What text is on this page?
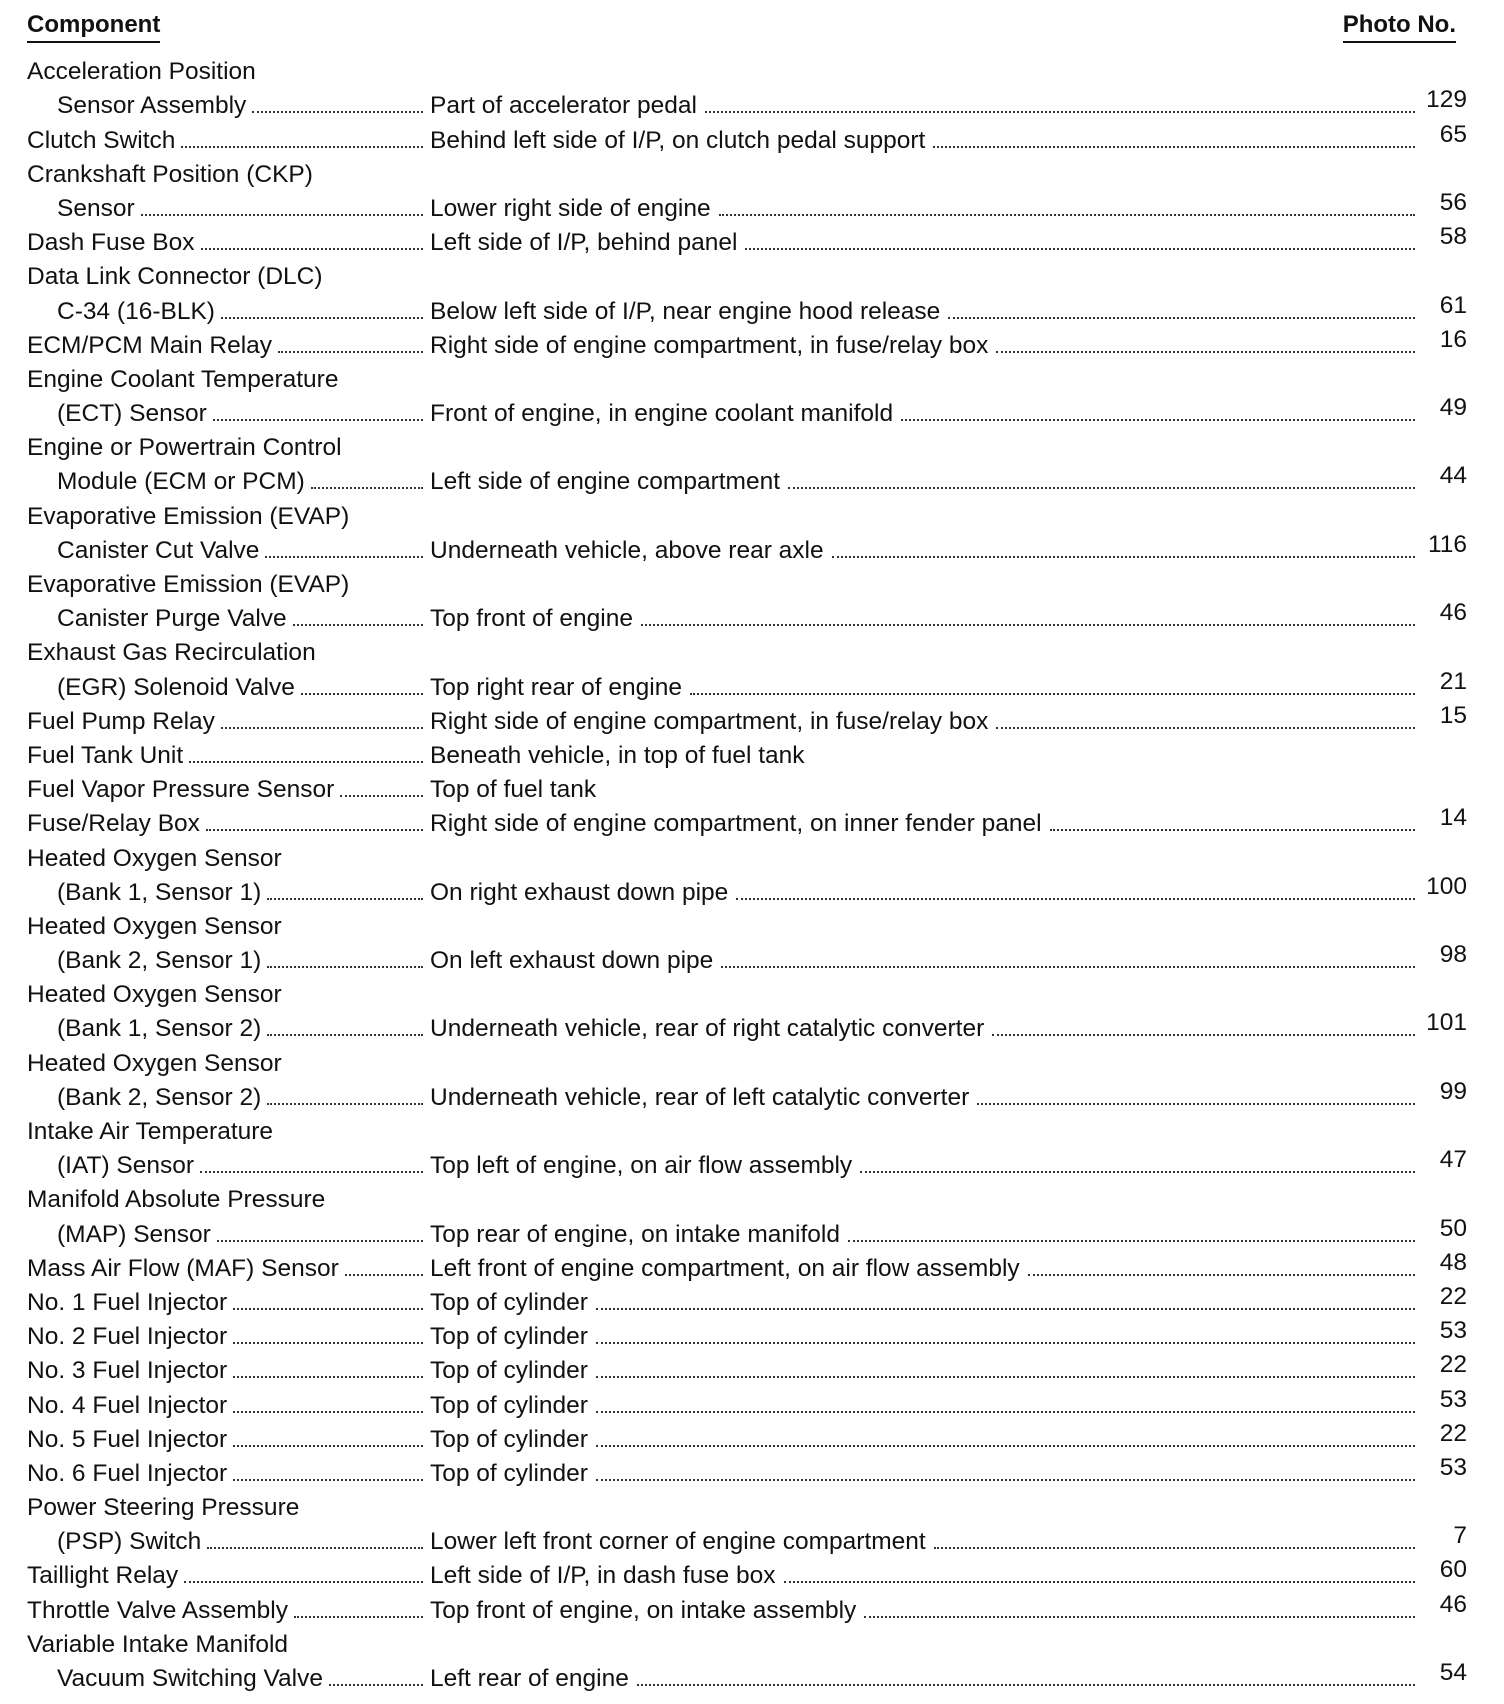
Component	Photo No.
Acceleration Position
Sensor Assembly	Part of accelerator pedal	129
Clutch Switch	Behind left side of I/P, on clutch pedal support	65
Crankshaft Position (CKP)
Sensor	Lower right side of engine	56
Dash Fuse Box	Left side of I/P, behind panel	58
Data Link Connector (DLC)
C-34 (16-BLK)	Below left side of I/P, near engine hood release	61
ECM/PCM Main Relay	Right side of engine compartment, in fuse/relay box	16
Engine Coolant Temperature
(ECT) Sensor	Front of engine, in engine coolant manifold	49
Engine or Powertrain Control
Module (ECM or PCM)	Left side of engine compartment	44
Evaporative Emission (EVAP)
Canister Cut Valve	Underneath vehicle, above rear axle	116
Evaporative Emission (EVAP)
Canister Purge Valve	Top front of engine	46
Exhaust Gas Recirculation
(EGR) Solenoid Valve	Top right rear of engine	21
Fuel Pump Relay	Right side of engine compartment, in fuse/relay box	15
Fuel Tank Unit	Beneath vehicle, in top of fuel tank
Fuel Vapor Pressure Sensor	Top of fuel tank
Fuse/Relay Box	Right side of engine compartment, on inner fender panel	14
Heated Oxygen Sensor
(Bank 1, Sensor 1)	On right exhaust down pipe	100
Heated Oxygen Sensor
(Bank 2, Sensor 1)	On left exhaust down pipe	98
Heated Oxygen Sensor
(Bank 1, Sensor 2)	Underneath vehicle, rear of right catalytic converter	101
Heated Oxygen Sensor
(Bank 2, Sensor 2)	Underneath vehicle, rear of left catalytic converter	99
Intake Air Temperature
(IAT) Sensor	Top left of engine, on air flow assembly	47
Manifold Absolute Pressure
(MAP) Sensor	Top rear of engine, on intake manifold	50
Mass Air Flow (MAF) Sensor	Left front of engine compartment, on air flow assembly	48
No. 1 Fuel Injector	Top of cylinder	22
No. 2 Fuel Injector	Top of cylinder	53
No. 3 Fuel Injector	Top of cylinder	22
No. 4 Fuel Injector	Top of cylinder	53
No. 5 Fuel Injector	Top of cylinder	22
No. 6 Fuel Injector	Top of cylinder	53
Power Steering Pressure
(PSP) Switch	Lower left front corner of engine compartment	7
Taillight Relay	Left side of I/P, in dash fuse box	60
Throttle Valve Assembly	Top front of engine, on intake assembly	46
Variable Intake Manifold
Vacuum Switching Valve	Left rear of engine	54
